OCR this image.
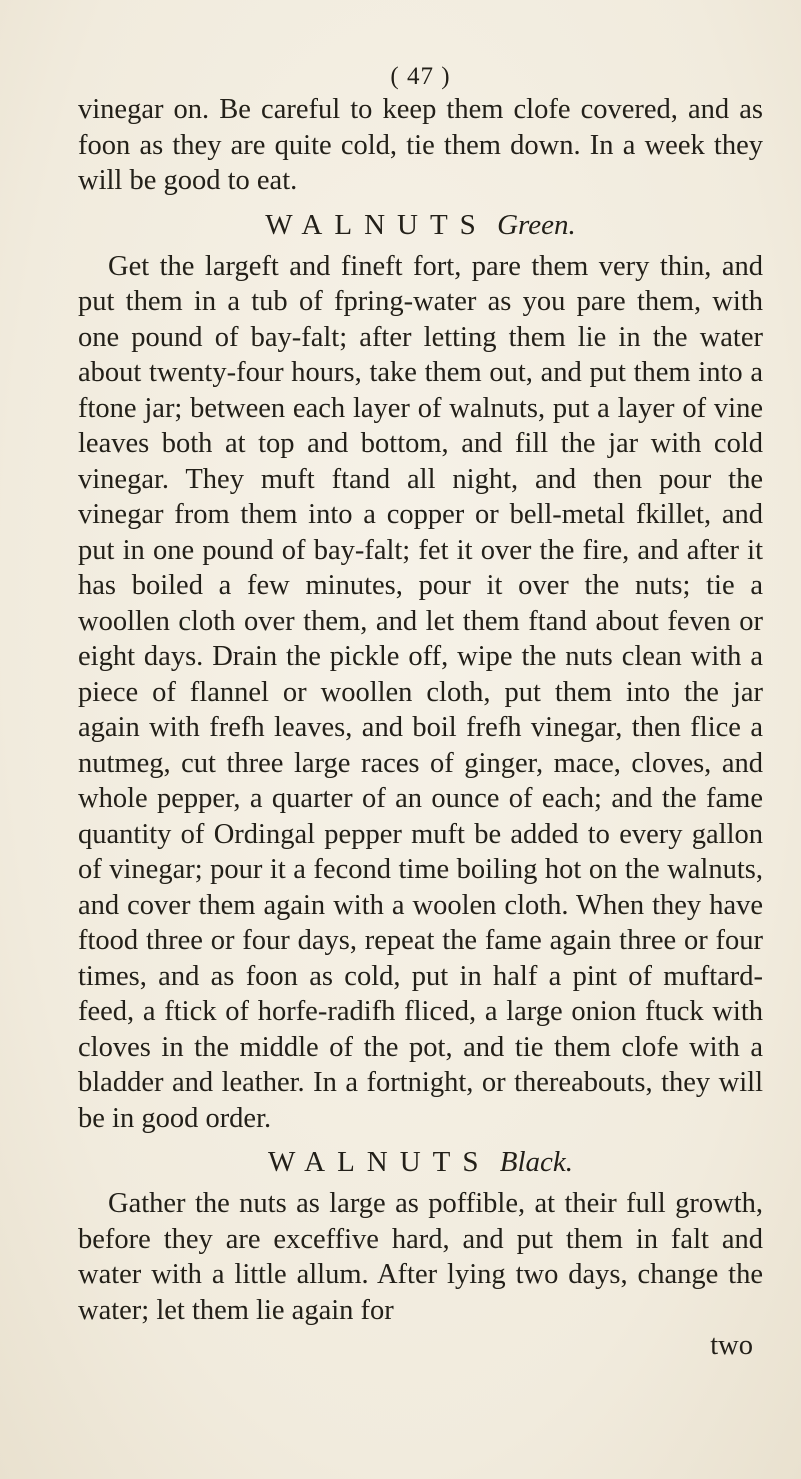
( 47 )

vinegar on. Be careful to keep them clofe covered, and as foon as they are quite cold, tie them down. In a week they will be good to eat.

WALNUTS Green.

Get the largeft and fineft fort, pare them very thin, and put them in a tub of fpring-water as you pare them, with one pound of bay-falt; after letting them lie in the water about twenty-four hours, take them out, and put them into a ftone jar; between each layer of walnuts, put a layer of vine leaves both at top and bottom, and fill the jar with cold vinegar. They muft ftand all night, and then pour the vinegar from them into a copper or bell-metal fkillet, and put in one pound of bay-falt; fet it over the fire, and after it has boiled a few minutes, pour it over the nuts; tie a woollen cloth over them, and let them ftand about feven or eight days. Drain the pickle off, wipe the nuts clean with a piece of flannel or woollen cloth, put them into the jar again with frefh leaves, and boil frefh vinegar, then flice a nutmeg, cut three large races of ginger, mace, cloves, and whole pepper, a quarter of an ounce of each; and the fame quantity of Ordingal pepper muft be added to every gallon of vinegar; pour it a fecond time boiling hot on the walnuts, and cover them again with a woolen cloth. When they have ftood three or four days, repeat the fame again three or four times, and as foon as cold, put in half a pint of muftard-feed, a ftick of horfe-radifh fliced, a large onion ftuck with cloves in the middle of the pot, and tie them clofe with a bladder and leather. In a fortnight, or thereabouts, they will be in good order.

WALNUTS Black.

Gather the nuts as large as poffible, at their full growth, before they are exceffive hard, and put them in falt and water with a little allum. After lying two days, change the water; let them lie again for

two
